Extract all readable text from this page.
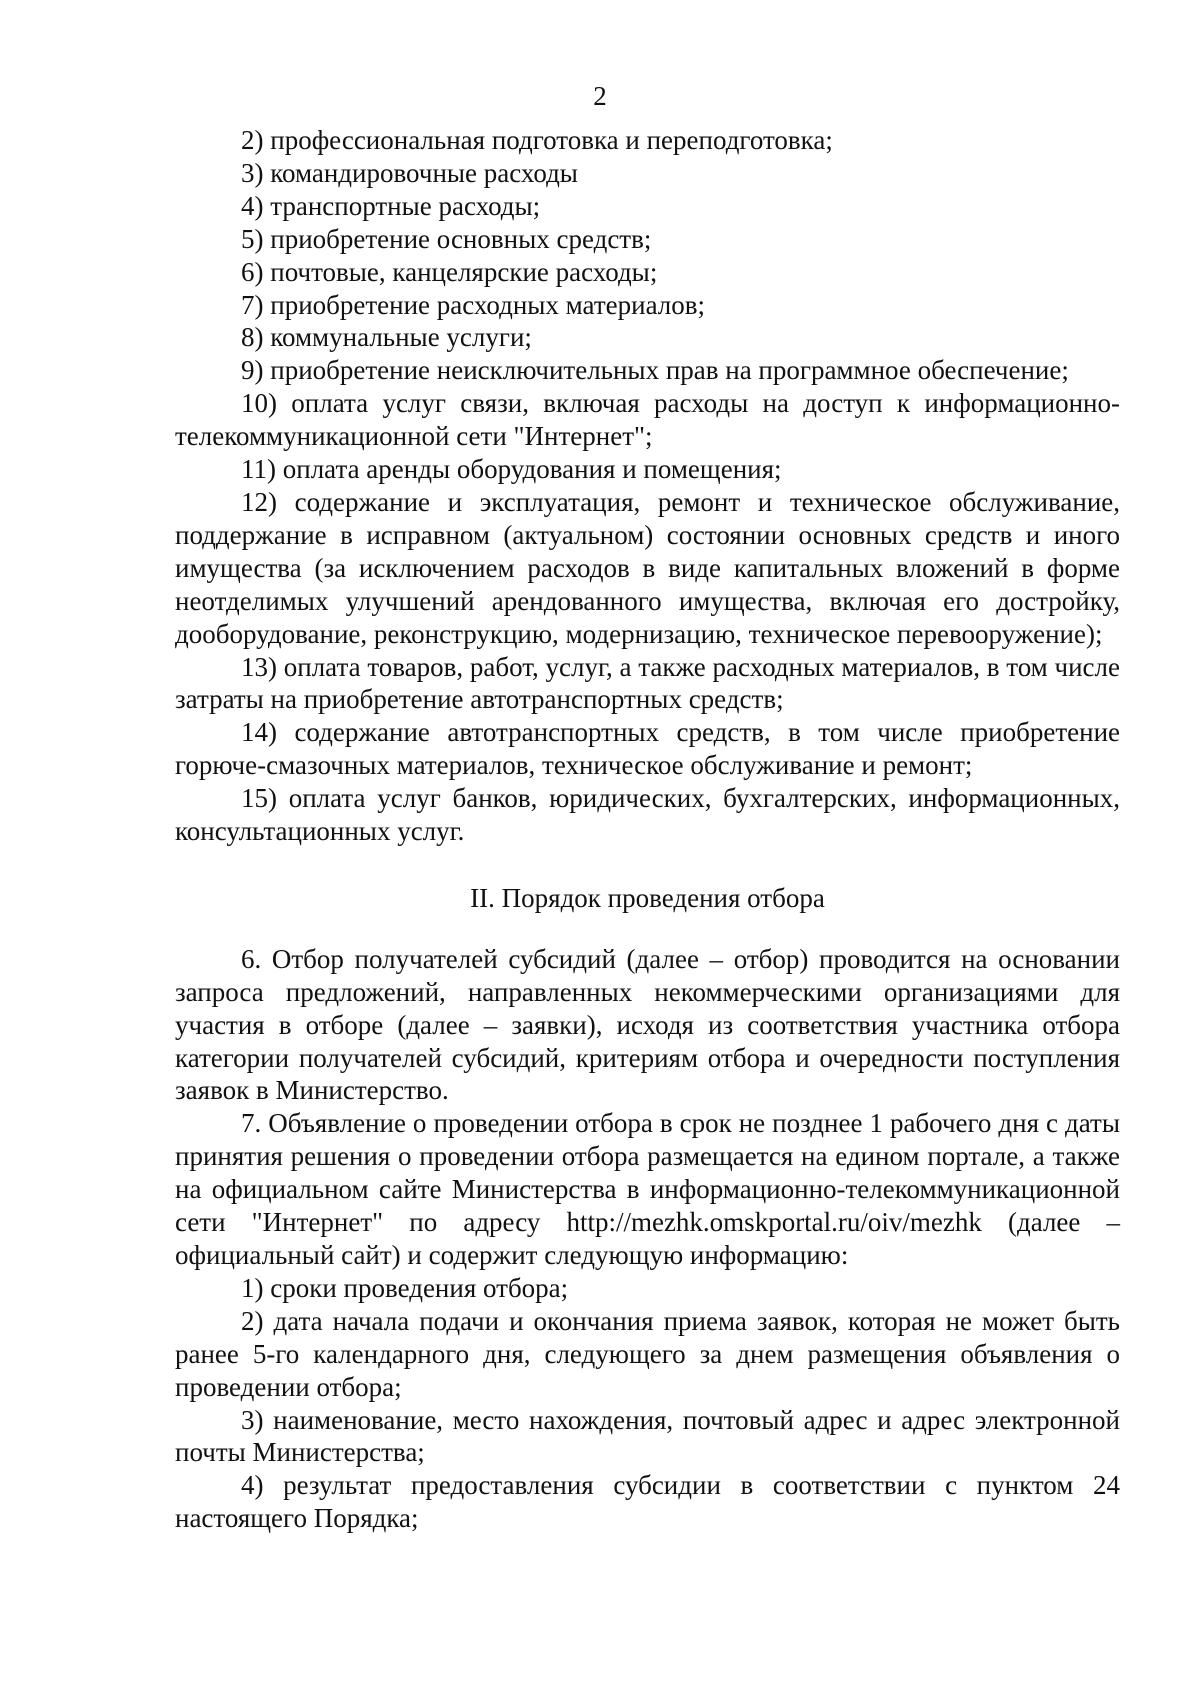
2

2) профессиональная подготовка и переподготовка;

3) командировочные расходы

4) транспортные расходы;

5) приобретение основных средств;

6) почтовые, канцелярские расходы;

7) приобретение расходных материалов;

8) коммунальные услуги;

9) приобретение неисключительных прав на программное обеспечение;

10) оплата услуг связи, включая расходы на доступ к информационно-телекоммуникационной сети "Интернет";

11) оплата аренды оборудования и помещения;

12) содержание и эксплуатация, ремонт и техническое обслуживание, поддержание в исправном (актуальном) состоянии основных средств и иного имущества (за исключением расходов в виде капитальных вложений в форме неотделимых улучшений арендованного имущества, включая его достройку, дооборудование, реконструкцию, модернизацию, техническое перевооружение);

13) оплата товаров, работ, услуг, а также расходных материалов, в том числе затраты на приобретение автотранспортных средств;

14) содержание автотранспортных средств, в том числе приобретение горюче-смазочных материалов, техническое обслуживание и ремонт;

15) оплата услуг банков, юридических, бухгалтерских, информационных, консультационных услуг.

II. Порядок проведения отбора

6. Отбор получателей субсидий (далее – отбор) проводится на основании запроса предложений, направленных некоммерческими организациями для участия в отборе (далее – заявки), исходя из соответствия участника отбора категории получателей субсидий, критериям отбора и очередности поступления заявок в Министерство.

7. Объявление о проведении отбора в срок не позднее 1 рабочего дня с даты принятия решения о проведении отбора размещается на едином портале, а также на официальном сайте Министерства в информационно-телекоммуникационной сети "Интернет" по адресу http://mezhk.omskportal.ru/oiv/mezhk (далее – официальный сайт) и содержит следующую информацию:

1) сроки проведения отбора;

2) дата начала подачи и окончания приема заявок, которая не может быть ранее 5-го календарного дня, следующего за днем размещения объявления о проведении отбора;

3) наименование, место нахождения, почтовый адрес и адрес электронной почты Министерства;

4) результат предоставления субсидии в соответствии с пунктом 24 настоящего Порядка;
